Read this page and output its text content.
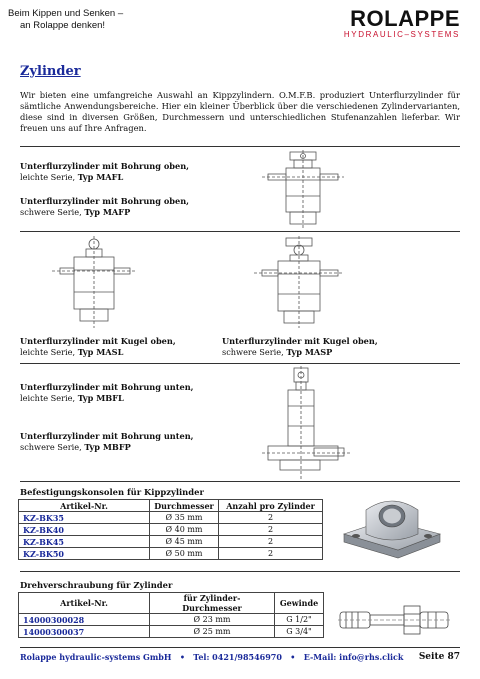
Beim Kippen und Senken –
an Rolappe denken!	ROLAPPE
HYDRAULIC–SYSTEMS
Zylinder
Wir bieten eine umfangreiche Auswahl an Kippzylindern. O.M.F.B. produziert Unterflurzylinder für sämtliche Anwendungsbereiche. Hier ein kleiner Überblick über die verschiedenen Zylindervarianten, diese sind in diversen Größen, Durchmessern und unterschiedlichen Stufenanzahlen lieferbar. Wir freuen uns auf Ihre Anfragen.
Unterflurzylinder mit Bohrung oben,
leichte Serie, Typ MAFL
Unterflurzylinder mit Bohrung oben,
schwere Serie, Typ MAFP
Unterflurzylinder mit Kugel oben,
leichte Serie, Typ MASL
Unterflurzylinder mit Kugel oben,
schwere Serie, Typ MASP
Unterflurzylinder mit Bohrung unten,
leichte Serie, Typ MBFL
Unterflurzylinder mit Bohrung unten,
schwere Serie, Typ MBFP
Befestigungskonsolen für Kippzylinder
Artikel-Nr.	Durchmesser	Anzahl pro Zylinder
KZ-BK35	Ø 35 mm	2
KZ-BK40	Ø 40 mm	2
KZ-BK45	Ø 45 mm	2
KZ-BK50	Ø 50 mm	2
Drehverschraubung für Zylinder
Artikel-Nr.	für Zylinder-Durchmesser	Gewinde
14000300028	Ø 23 mm	G 1/2"
14000300037	Ø 25 mm	G 3/4"
Rolappe hydraulic-systems GmbH   •   Tel: 0421/98546970   •   E-Mail: info@rhs.click Seite 87
